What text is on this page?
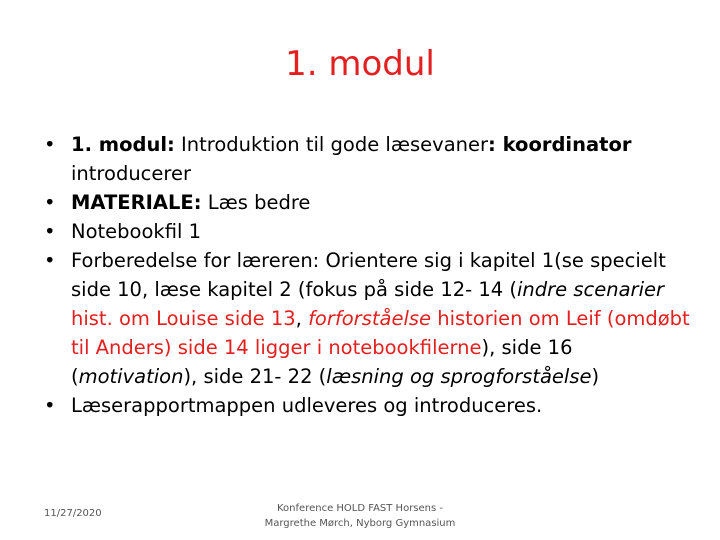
1. modul
• 1. modul: Introduktion til gode læsevaner: koordinator introducerer
• MATERIALE: Læs bedre
• Notebookfil 1
• Forberedelse for læreren: Orientere sig i kapitel 1(se specielt side 10, læse kapitel 2 (fokus på side 12- 14 (indre scenarier hist. om Louise side 13, forforståelse historien om Leif (omdøbt til Anders) side 14 ligger i notebookfilerne), side 16 (motivation), side 21- 22 (læsning og sprogforståelse)
• Læserapportmappen udleveres og introduceres.
11/27/2020	Konference HOLD FAST Horsens -
Margrethe Mørch, Nyborg Gymnasium
